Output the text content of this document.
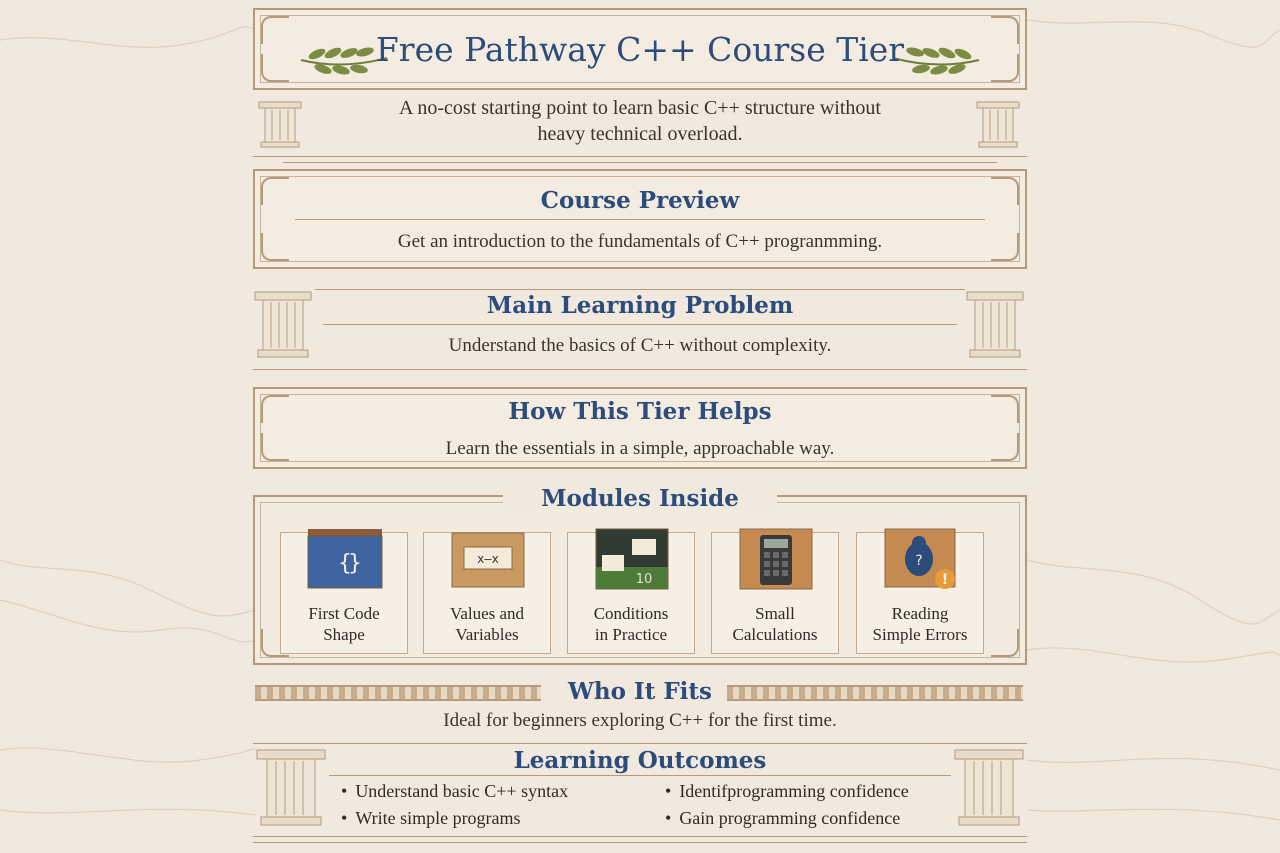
Free Pathway C++ Course Tier
A no-cost starting point to learn basic C++ structure without
heavy technical overload.
Course Preview
Get an introduction to the fundamentals of C++ progranmming.
Main Learning Problem
Understand the basics of C++ without complexity.
How This Tier Helps
Learn the essentials in a simple, approachable way.
Modules Inside
{
}
First Code
Shape
x—x
Values and
Variables
10
Conditions
in Practice
Small
Calculations
?
!
Reading
Simple Errors
Who It Fits
Ideal for beginners exploring C++ for the first time.
Learning Outcomes
• Understand basic C++ syntax
• Write simple programs
• Identifprogramming confidence
• Gain programming confidence
